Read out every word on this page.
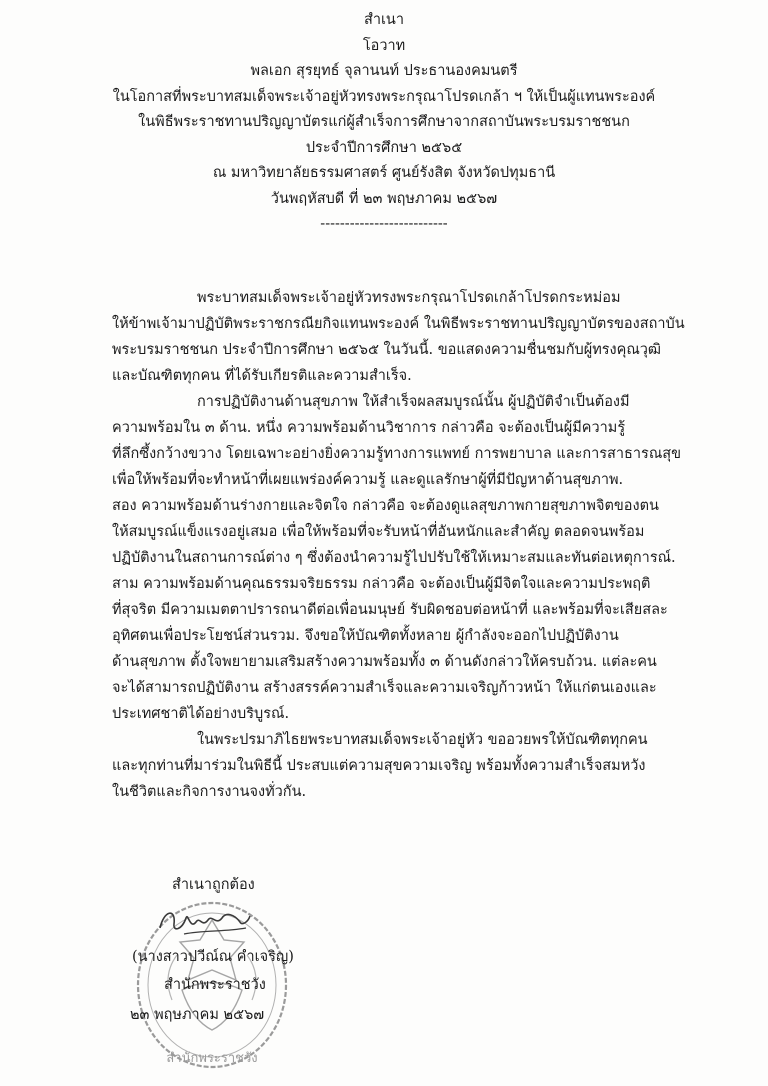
สำเนา
โอวาท
พลเอก สุรยุทธ์ จุลานนท์ ประธานองคมนตรี
ในโอกาสที่พระบาทสมเด็จพระเจ้าอยู่หัวทรงพระกรุณาโปรดเกล้า ฯ ให้เป็นผู้แทนพระองค์
ในพิธีพระราชทานปริญญาบัตรแก่ผู้สำเร็จการศึกษาจากสถาบันพระบรมราชชนก
ประจำปีการศึกษา ๒๕๖๕
ณ มหาวิทยาลัยธรรมศาสตร์ ศูนย์รังสิต จังหวัดปทุมธานี
วันพฤหัสบดี ที่ ๒๓ พฤษภาคม ๒๕๖๗
--------------------------
พระบาทสมเด็จพระเจ้าอยู่หัวทรงพระกรุณาโปรดเกล้าโปรดกระหม่อม
ให้ข้าพเจ้ามาปฏิบัติพระราชกรณียกิจแทนพระองค์ ในพิธีพระราชทานปริญญาบัตรของสถาบัน
พระบรมราชชนก ประจำปีการศึกษา ๒๕๖๕ ในวันนี้. ขอแสดงความชื่นชมกับผู้ทรงคุณวุฒิ
และบัณฑิตทุกคน ที่ได้รับเกียรติและความสำเร็จ.
การปฏิบัติงานด้านสุขภาพ ให้สำเร็จผลสมบูรณ์นั้น ผู้ปฏิบัติจำเป็นต้องมี
ความพร้อมใน ๓ ด้าน. หนึ่ง ความพร้อมด้านวิชาการ กล่าวคือ จะต้องเป็นผู้มีความรู้
ที่ลึกซึ้งกว้างขวาง โดยเฉพาะอย่างยิ่งความรู้ทางการแพทย์ การพยาบาล และการสาธารณสุข
เพื่อให้พร้อมที่จะทำหน้าที่เผยแพร่องค์ความรู้ และดูแลรักษาผู้ที่มีปัญหาด้านสุขภาพ.
สอง ความพร้อมด้านร่างกายและจิตใจ กล่าวคือ จะต้องดูแลสุขภาพกายสุขภาพจิตของตน
ให้สมบูรณ์แข็งแรงอยู่เสมอ เพื่อให้พร้อมที่จะรับหน้าที่อันหนักและสำคัญ ตลอดจนพร้อม
ปฏิบัติงานในสถานการณ์ต่าง ๆ ซึ่งต้องนำความรู้ไปปรับใช้ให้เหมาะสมและทันต่อเหตุการณ์.
สาม ความพร้อมด้านคุณธรรมจริยธรรม กล่าวคือ จะต้องเป็นผู้มีจิตใจและความประพฤติ
ที่สุจริต มีความเมตตาปรารถนาดีต่อเพื่อนมนุษย์ รับผิดชอบต่อหน้าที่ และพร้อมที่จะเสียสละ
อุทิศตนเพื่อประโยชน์ส่วนรวม. จึงขอให้บัณฑิตทั้งหลาย ผู้กำลังจะออกไปปฏิบัติงาน
ด้านสุขภาพ ตั้งใจพยายามเสริมสร้างความพร้อมทั้ง ๓ ด้านดังกล่าวให้ครบถ้วน. แต่ละคน
จะได้สามารถปฏิบัติงาน สร้างสรรค์ความสำเร็จและความเจริญก้าวหน้า ให้แก่ตนเองและ
ประเทศชาติได้อย่างบริบูรณ์.
ในพระปรมาภิไธยพระบาทสมเด็จพระเจ้าอยู่หัว ขออวยพรให้บัณฑิตทุกคน
และทุกท่านที่มาร่วมในพิธีนี้ ประสบแต่ความสุขความเจริญ พร้อมทั้งความสำเร็จสมหวัง
ในชีวิตและกิจการงานจงทั่วกัน.
สำนักพระราชวัง
สำเนาถูกต้อง
(นางสาวปวีณ์ณ คำเจริญ)
สำนักพระราชวัง
๒๓ พฤษภาคม ๒๕๖๗
